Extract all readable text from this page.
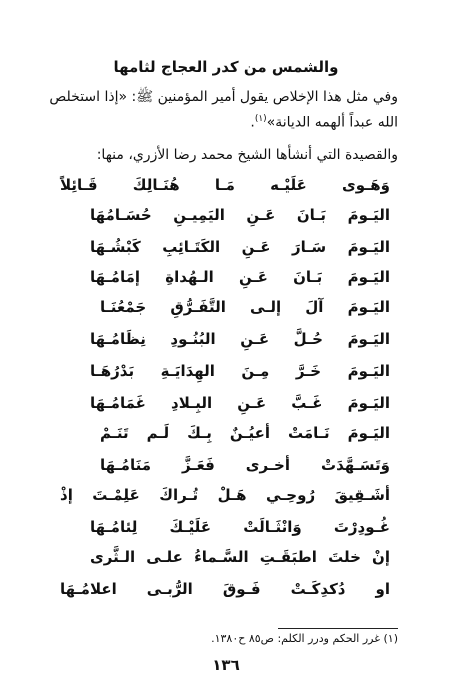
والشمس من كدر العجاج لثامها
وفي مثل هذا الإخلاص يقول أمير المؤمنين ﷺ: «إذا استخلص الله عبداً ألهمه الديانة»$^{(١)}$.
والقصيدة التي أنشأها الشيخ محمد رضا الأزري، منها:
وَهَـوى عَلَيْـه مَـا هُنَـالِكَ قَـائِلاً
اليَـومَ بَـانَ عَـنِ اليَمِيـنِ حُسَـامُهَا
اليَـومَ سَـارَ عَـنِ الكَتَـائِبِ كَبْشُـهَا
اليَـومَ بَـانَ عَـنِ الـهُداةِ إمَامُـهَا
اليَـومَ آلَ إلـى التَّفَـرُّقِ جَمْعُنَـا
اليَـومَ حُـلَّ عَـنِ البُنُـودِ نِظَامُـهَا
اليَـومَ خَـرَّ مِـنَ الهِدَايَـةِ بَدْرُهَـا
اليَـومَ غَـبَّ عَـنِ البِـلادِ غَمَامُـهَا
اليَـومَ نَـامَتْ أعيُـنٌ بِـكَ لَـم تَنَـمْ
وَتَسَـهَّدَتْ أخـرى فَعَـزَّ مَنَامُـهَا
أشَـقِيقَ رُوحِـي هَـلْ تُـراكَ عَلِمْـتَ إذْ
غُـودِرْتَ وَانْثَـالَتْ عَلَيْـكَ لِئامُـهَا
إنْ خلتَ اطبَقَـتِ السَّـماءُ علـى الـثَّرى
او دُكدِكَـتْ فَـوقَ الرُّبـى اعلامُـهَا
(١) غرر الحكم ودرر الكلم: ص٨٥ ح١٣٨٠.
١٣٦
